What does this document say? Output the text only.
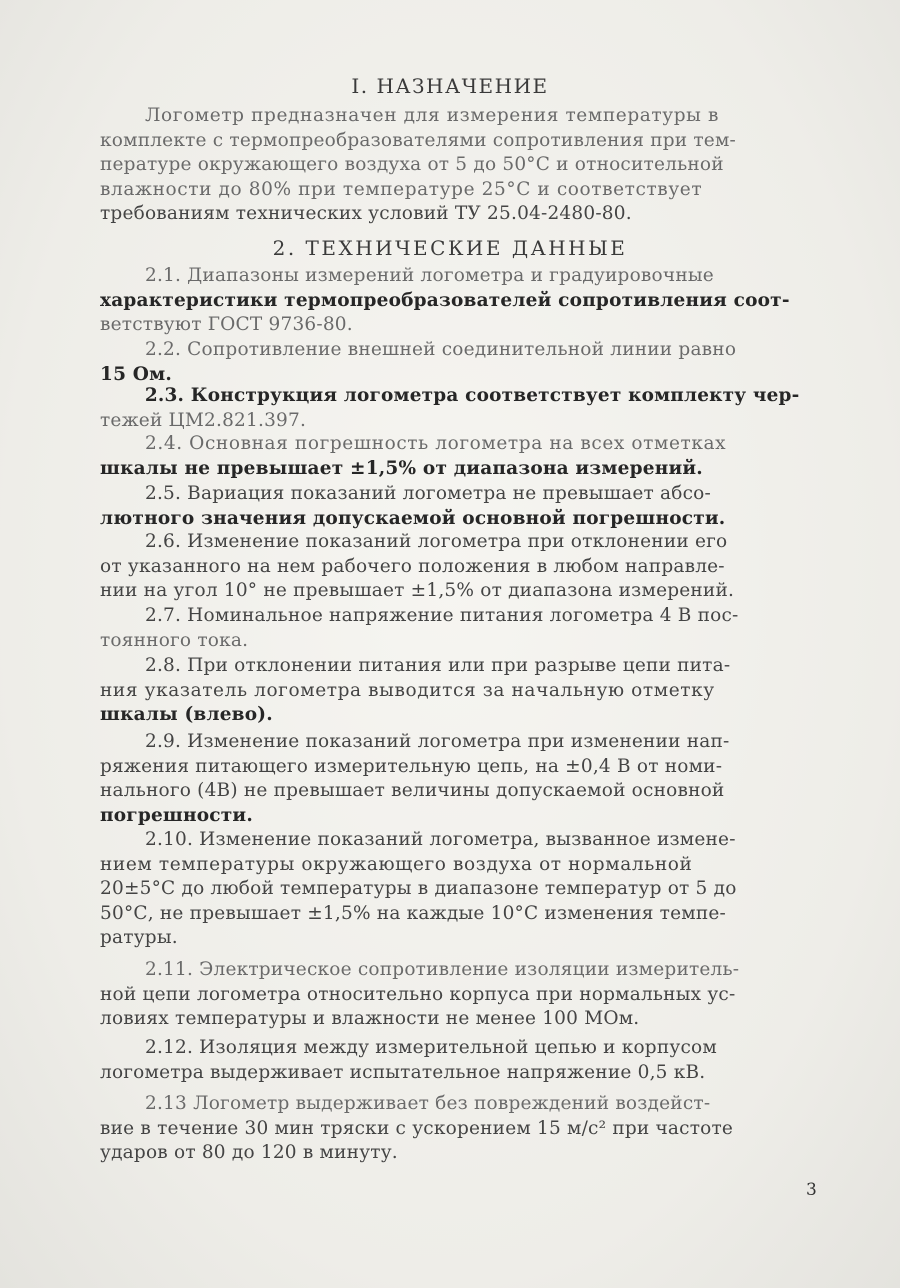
I. НАЗНАЧЕНИЕ
Логометр предназначен для измерения температуры в
комплекте с термопреобразователями сопротивления при тем-
пературе окружающего воздуха от 5 до 50°С и относительной
влажности до 80% при температуре 25°С и соответствует
требованиям технических условий ТУ 25.04-2480-80.
2. ТЕХНИЧЕСКИЕ ДАННЫЕ
2.1. Диапазоны измерений логометра и градуировочные
характеристики термопреобразователей сопротивления соот-
ветствуют ГОСТ 9736-80.
2.2. Сопротивление внешней соединительной линии равно
15 Ом.
2.3. Конструкция логометра соответствует комплекту чер-
тежей ЦМ2.821.397.
2.4. Основная погрешность логометра на всех отметках
шкалы не превышает ±1,5% от диапазона измерений.
2.5. Вариация показаний логометра не превышает абсо-
лютного значения допускаемой основной погрешности.
2.6. Изменение показаний логометра при отклонении его
от указанного на нем рабочего положения в любом направле-
нии на угол 10° не превышает ±1,5% от диапазона измерений.
2.7. Номинальное напряжение питания логометра 4 В пос-
тоянного тока.
2.8. При отклонении питания или при разрыве цепи пита-
ния указатель логометра выводится за начальную отметку
шкалы (влево).
2.9. Изменение показаний логометра при изменении нап-
ряжения питающего измерительную цепь, на ±0,4 В от номи-
нального (4В) не превышает величины допускаемой основной
погрешности.
2.10. Изменение показаний логометра, вызванное измене-
нием температуры окружающего воздуха от нормальной
20±5°С до любой температуры в диапазоне температур от 5 до
50°С, не превышает ±1,5% на каждые 10°С изменения темпе-
ратуры.
2.11. Электрическое сопротивление изоляции измеритель-
ной цепи логометра относительно корпуса при нормальных ус-
ловиях температуры и влажности не менее 100 МОм.
2.12. Изоляция между измерительной цепью и корпусом
логометра выдерживает испытательное напряжение 0,5 кВ.
2.13 Логометр выдерживает без повреждений воздейст-
вие в течение 30 мин тряски с ускорением 15 м/с² при частоте
ударов от 80 до 120 в минуту.
3
